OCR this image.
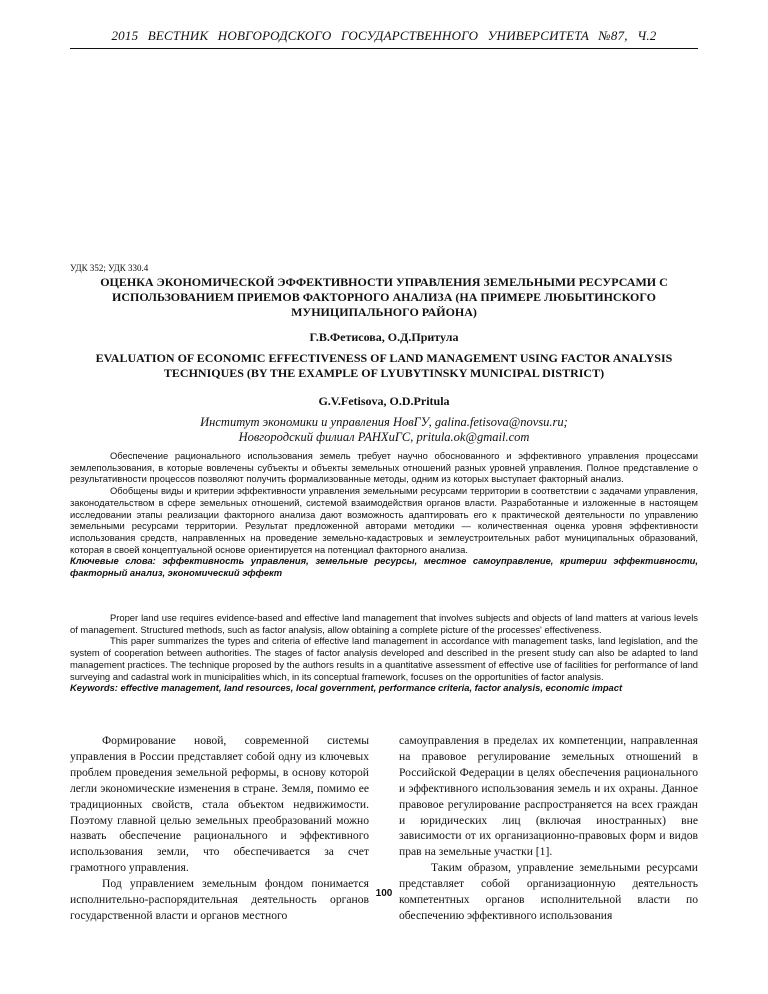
2015 ВЕСТНИК НОВГОРОДСКОГО ГОСУДАРСТВЕННОГО УНИВЕРСИТЕТА №87, Ч.2
УДК 352; УДК 330.4
ОЦЕНКА ЭКОНОМИЧЕСКОЙ ЭФФЕКТИВНОСТИ УПРАВЛЕНИЯ ЗЕМЕЛЬНЫМИ РЕСУРСАМИ С ИСПОЛЬЗОВАНИЕМ ПРИЕМОВ ФАКТОРНОГО АНАЛИЗА (НА ПРИМЕРЕ ЛЮБЫТИНСКОГО МУНИЦИПАЛЬНОГО РАЙОНА)
Г.В.Фетисова, О.Д.Притула
EVALUATION OF ECONOMIC EFFECTIVENESS OF LAND MANAGEMENT USING FACTOR ANALYSIS TECHNIQUES (BY THE EXAMPLE OF LYUBYTINSKY MUNICIPAL DISTRICT)
G.V.Fetisova, O.D.Pritula
Институт экономики и управления НовГУ, galina.fetisova@novsu.ru;
Новгородский филиал РАНХиГС, pritula.ok@gmail.com

Обеспечение рационального использования земель требует научно обоснованного и эффективного управления процессами землепользования, в которые вовлечены субъекты и объекты земельных отношений разных уровней управления. Полное представление о результативности процессов позволяют получить формализованные методы, одним из которых выступает факторный анализ.

Обобщены виды и критерии эффективности управления земельными ресурсами территории в соответствии с задачами управления, законодательством в сфере земельных отношений, системой взаимодействия органов власти. Разработанные и изложенные в настоящем исследовании этапы реализации факторного анализа дают возможность адаптировать его к практической деятельности по управлению земельными ресурсами территории. Результат предложенной авторами методики — количественная оценка уровня эффективности использования средств, направленных на проведение земельно-кадастровых и землеустроительных работ муниципальных образований, которая в своей концептуальной основе ориентируется на потенциал факторного анализа.

Ключевые слова: эффективность управления, земельные ресурсы, местное самоуправление, критерии эффективности, факторный анализ, экономический эффект

Proper land use requires evidence-based and effective land management that involves subjects and objects of land matters at various levels of management. Structured methods, such as factor analysis, allow obtaining a complete picture of the processes' effectiveness.

This paper summarizes the types and criteria of effective land management in accordance with management tasks, land legislation, and the system of cooperation between authorities. The stages of factor analysis developed and described in the present study can also be adapted to land management practices. The technique proposed by the authors results in a quantitative assessment of effective use of facilities for performance of land surveying and cadastral work in municipalities which, in its conceptual framework, focuses on the opportunities of factor analysis.

Keywords: effective management, land resources, local government, performance criteria, factor analysis, economic impact

Формирование новой, современной системы управления в России представляет собой одну из ключевых проблем проведения земельной реформы, в основу которой легли экономические изменения в стране. Земля, помимо ее традиционных свойств, стала объектом недвижимости. Поэтому главной целью земельных преобразований можно назвать обеспечение рационального и эффективного использования земли, что обеспечивается за счет грамотного управления.

Под управлением земельным фондом понимается исполнительно-распорядительная деятельность органов государственной власти и органов местного

самоуправления в пределах их компетенции, направленная на правовое регулирование земельных отношений в Российской Федерации в целях обеспечения рационального и эффективного использования земель и их охраны. Данное правовое регулирование распространяется на всех граждан и юридических лиц (включая иностранных) вне зависимости от их организационно-правовых форм и видов прав на земельные участки [1].

Таким образом, управление земельными ресурсами представляет собой организационную деятельность компетентных органов исполнительной власти по обеспечению эффективного использования

100
